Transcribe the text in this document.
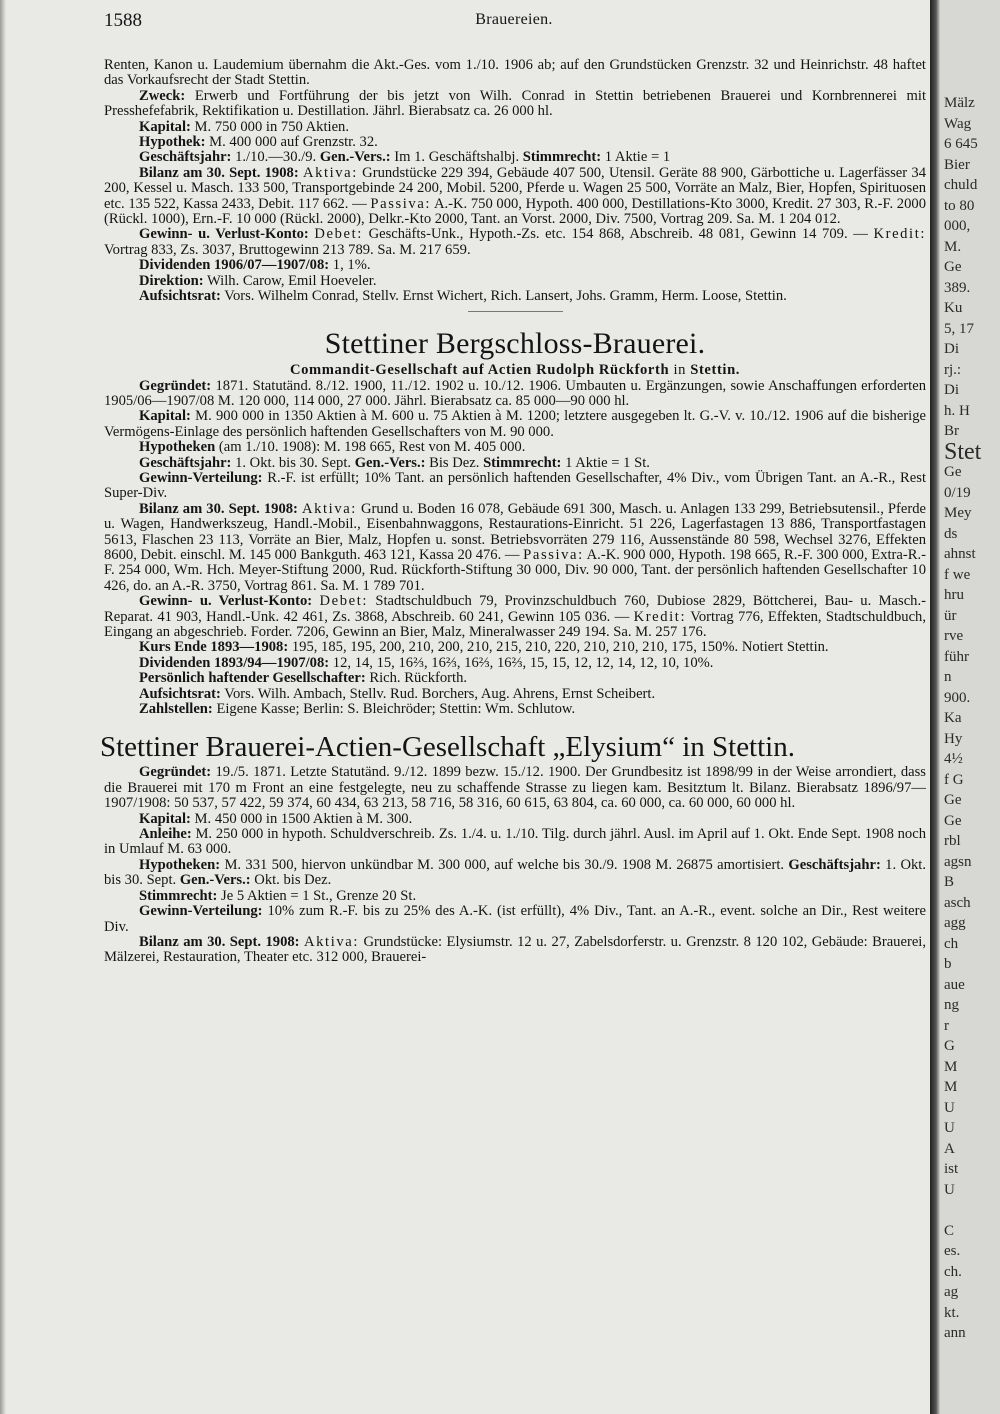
1588	Brauereien.

Renten, Kanon u. Laudemium übernahm die Akt.-Ges. vom 1./10. 1906 ab; auf den Grundstücken Grenzstr. 32 und Heinrichstr. 48 haftet das Vorkaufsrecht der Stadt Stettin.

Zweck: Erwerb und Fortführung der bis jetzt von Wilh. Conrad in Stettin betriebenen Brauerei und Kornbrennerei mit Presshefefabrik, Rektifikation u. Destillation. Jährl. Bierabsatz ca. 26 000 hl.

Kapital: M. 750 000 in 750 Aktien.

Hypothek: M. 400 000 auf Grenzstr. 32.

Geschäftsjahr: 1./10.—30./9. Gen.-Vers.: Im 1. Geschäftshalbj. Stimmrecht: 1 Aktie = 1

Bilanz am 30. Sept. 1908: Aktiva: Grundstücke 229 394, Gebäude 407 500, Utensil. Geräte 88 900, Gärbottiche u. Lagerfässer 34 200, Kessel u. Masch. 133 500, Transportgebinde 24 200, Mobil. 5200, Pferde u. Wagen 25 500, Vorräte an Malz, Bier, Hopfen, Spirituosen etc. 135 522, Kassa 2433, Debit. 117 662. — Passiva: A.-K. 750 000, Hypoth. 400 000, Destillations-Kto 3000, Kredit. 27 303, R.-F. 2000 (Rückl. 1000), Ern.-F. 10 000 (Rückl. 2000), Delkr.-Kto 2000, Tant. an Vorst. 2000, Div. 7500, Vortrag 209. Sa. M. 1 204 012.

Gewinn- u. Verlust-Konto: Debet: Geschäfts-Unk., Hypoth.-Zs. etc. 154 868, Abschreib. 48 081, Gewinn 14 709. — Kredit: Vortrag 833, Zs. 3037, Bruttogewinn 213 789. Sa. M. 217 659.

Dividenden 1906/07—1907/08: 1, 1%.

Direktion: Wilh. Carow, Emil Hoeveler.

Aufsichtsrat: Vors. Wilhelm Conrad, Stellv. Ernst Wichert, Rich. Lansert, Johs. Gramm, Herm. Loose, Stettin.

Stettiner Bergschloss-Brauerei.
Commandit-Gesellschaft auf Actien Rudolph Rückforth in Stettin.

Gegründet: 1871. Statutänd. 8./12. 1900, 11./12. 1902 u. 10./12. 1906. Umbauten u. Ergänzungen, sowie Anschaffungen erforderten 1905/06—1907/08 M. 120 000, 114 000, 27 000. Jährl. Bierabsatz ca. 85 000—90 000 hl.

Kapital: M. 900 000 in 1350 Aktien à M. 600 u. 75 Aktien à M. 1200; letztere ausgegeben lt. G.-V. v. 10./12. 1906 auf die bisherige Vermögens-Einlage des persönlich haftenden Gesellschafters von M. 90 000.

Hypotheken (am 1./10. 1908): M. 198 665, Rest von M. 405 000.

Geschäftsjahr: 1. Okt. bis 30. Sept. Gen.-Vers.: Bis Dez. Stimmrecht: 1 Aktie = 1 St.

Gewinn-Verteilung: R.-F. ist erfüllt; 10% Tant. an persönlich haftenden Gesellschafter, 4% Div., vom Übrigen Tant. an A.-R., Rest Super-Div.

Bilanz am 30. Sept. 1908: Aktiva: Grund u. Boden 16 078, Gebäude 691 300, Masch. u. Anlagen 133 299, Betriebsutensil., Pferde u. Wagen, Handwerkszeug, Handl.-Mobil., Eisenbahnwaggons, Restaurations-Einricht. 51 226, Lagerfastagen 13 886, Transportfastagen 5613, Flaschen 23 113, Vorräte an Bier, Malz, Hopfen u. sonst. Betriebsvorräten 279 116, Aussenstände 80 598, Wechsel 3276, Effekten 8600, Debit. einschl. M. 145 000 Bankguth. 463 121, Kassa 20 476. — Passiva: A.-K. 900 000, Hypoth. 198 665, R.-F. 300 000, Extra-R.-F. 254 000, Wm. Hch. Meyer-Stiftung 2000, Rud. Rückforth-Stiftung 30 000, Div. 90 000, Tant. der persönlich haftenden Gesellschafter 10 426, do. an A.-R. 3750, Vortrag 861. Sa. M. 1 789 701.

Gewinn- u. Verlust-Konto: Debet: Stadtschuldbuch 79, Provinzschuldbuch 760, Dubiose 2829, Böttcherei, Bau- u. Masch.-Reparat. 41 903, Handl.-Unk. 42 461, Zs. 3868, Abschreib. 60 241, Gewinn 105 036. — Kredit: Vortrag 776, Effekten, Stadtschuldbuch, Eingang an abgeschrieb. Forder. 7206, Gewinn an Bier, Malz, Mineralwasser 249 194. Sa. M. 257 176.

Kurs Ende 1893—1908: 195, 185, 195, 200, 210, 200, 210, 215, 210, 220, 210, 210, 210, 175, 150%. Notiert Stettin.

Dividenden 1893/94—1907/08: 12, 14, 15, 16⅔, 16⅔, 16⅔, 16⅔, 15, 15, 12, 12, 14, 12, 10, 10%.

Persönlich haftender Gesellschafter: Rich. Rückforth.

Aufsichtsrat: Vors. Wilh. Ambach, Stellv. Rud. Borchers, Aug. Ahrens, Ernst Scheibert.

Zahlstellen: Eigene Kasse; Berlin: S. Bleichröder; Stettin: Wm. Schlutow.

Stettiner Brauerei-Actien-Gesellschaft „Elysium“ in Stettin.

Gegründet: 19./5. 1871. Letzte Statutänd. 9./12. 1899 bezw. 15./12. 1900. Der Grundbesitz ist 1898/99 in der Weise arrondiert, dass die Brauerei mit 170 m Front an eine festgelegte, neu zu schaffende Strasse zu liegen kam. Besitztum lt. Bilanz. Bierabsatz 1896/97—1907/1908: 50 537, 57 422, 59 374, 60 434, 63 213, 58 716, 58 316, 60 615, 63 804, ca. 60 000, ca. 60 000, 60 000 hl.

Kapital: M. 450 000 in 1500 Aktien à M. 300.

Anleihe: M. 250 000 in hypoth. Schuldverschreib. Zs. 1./4. u. 1./10. Tilg. durch jährl. Ausl. im April auf 1. Okt. Ende Sept. 1908 noch in Umlauf M. 63 000.

Hypotheken: M. 331 500, hiervon unkündbar M. 300 000, auf welche bis 30./9. 1908 M. 26875 amortisiert. Geschäftsjahr: 1. Okt. bis 30. Sept. Gen.-Vers.: Okt. bis Dez.

Stimmrecht: Je 5 Aktien = 1 St., Grenze 20 St.

Gewinn-Verteilung: 10% zum R.-F. bis zu 25% des A.-K. (ist erfüllt), 4% Div., Tant. an A.-R., event. solche an Dir., Rest weitere Div.

Bilanz am 30. Sept. 1908: Aktiva: Grundstücke: Elysiumstr. 12 u. 27, Zabelsdorferstr. u. Grenzstr. 8 120 102, Gebäude: Brauerei, Mälzerei, Restauration, Theater etc. 312 000, Brauerei-

Mälz
Wag
6 645
Bier
chuld
to 80
000,
M.
Ge
389.
Ku
5, 17
Di
rj.:
Di
h. H
Br
Stet
Ge
0/19
Mey
ds
ahnst
f we
hru
ür
rve
führ
n
900.
Ka
Hy
4½
f G
Ge
Ge
rbl
agsn
B
asch
agg
ch
b
aue
ng
r
G
M
M
U
U
A
ist
U
C
es.
ch.
ag
kt.
ann
